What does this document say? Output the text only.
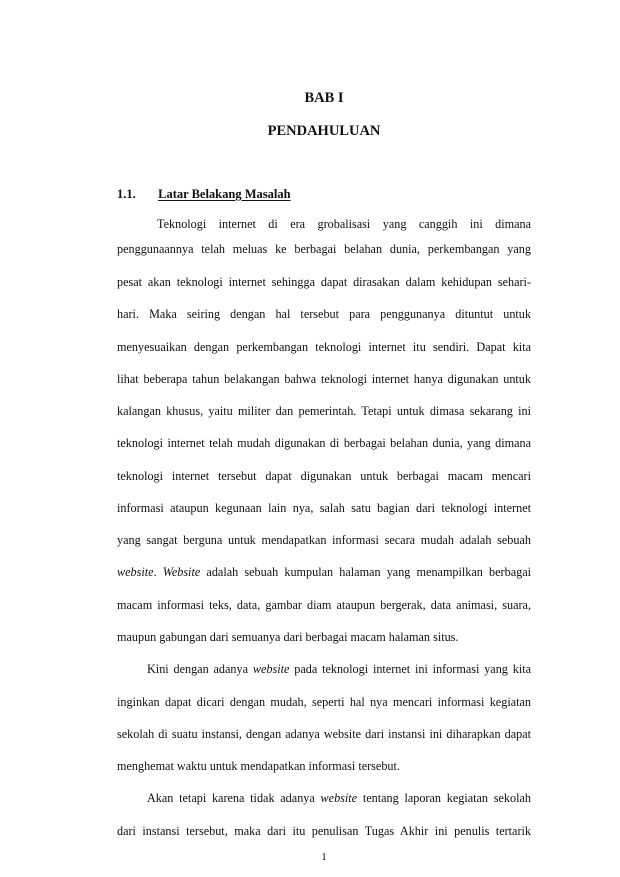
BAB I
PENDAHULUAN
1.1. Latar Belakang Masalah
Teknologi internet di era grobalisasi yang canggih ini dimana
penggunaannya telah meluas ke berbagai belahan dunia, perkembangan yang
pesat akan teknologi internet sehingga dapat dirasakan dalam kehidupan sehari-
hari. Maka seiring dengan hal tersebut para penggunanya dituntut untuk
menyesuaikan dengan perkembangan teknologi internet itu sendiri. Dapat kita
lihat beberapa tahun belakangan bahwa teknologi internet hanya digunakan untuk
kalangan khusus, yaitu militer dan pemerintah. Tetapi untuk dimasa sekarang ini
teknologi internet telah mudah digunakan di berbagai belahan dunia, yang dimana
teknologi internet tersebut dapat digunakan untuk berbagai macam mencari
informasi ataupun kegunaan lain nya, salah satu bagian dari teknologi internet
yang sangat berguna untuk mendapatkan informasi secara mudah adalah sebuah
website. Website adalah sebuah kumpulan halaman yang menampilkan berbagai
macam informasi teks, data, gambar diam ataupun bergerak, data animasi, suara,
maupun gabungan dari semuanya dari berbagai macam halaman situs.
Kini dengan adanya website pada teknologi internet ini informasi yang kita
inginkan dapat dicari dengan mudah, seperti hal nya mencari informasi kegiatan
sekolah di suatu instansi, dengan adanya website dari instansi ini diharapkan dapat
menghemat waktu untuk mendapatkan informasi tersebut.
Akan tetapi karena tidak adanya website tentang laporan kegiatan sekolah
dari instansi tersebut, maka dari itu penulisan Tugas Akhir ini penulis tertarik
1
